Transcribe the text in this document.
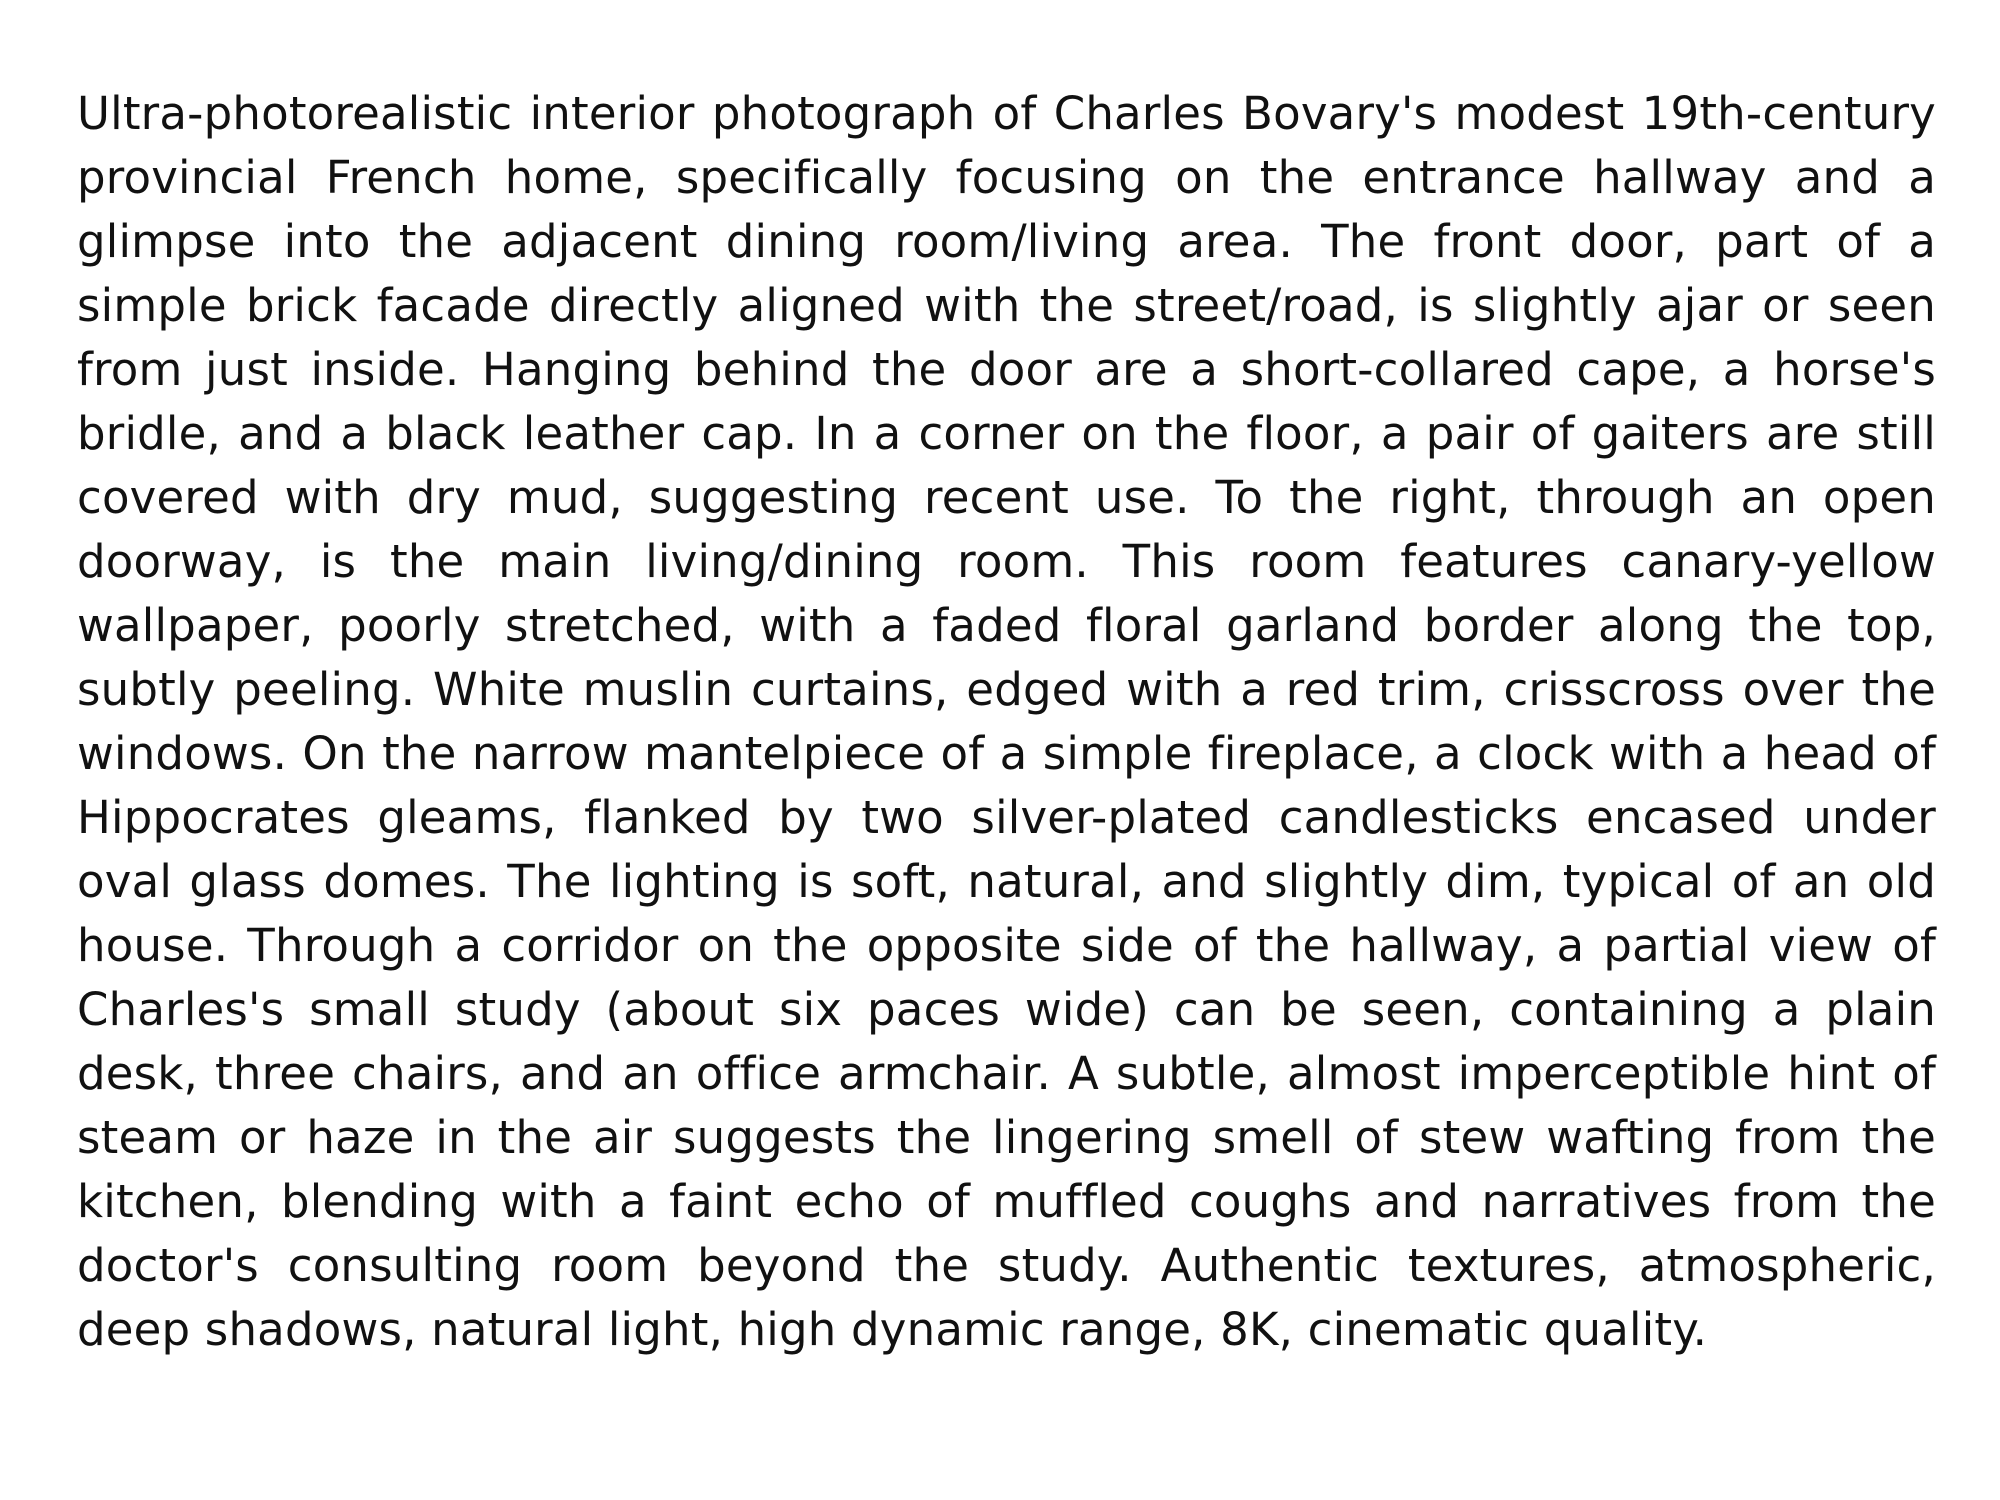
Ultra-photorealistic interior photograph of Charles Bovary's modest 19th-century provincial French home, specifically focusing on the entrance hallway and a glimpse into the adjacent dining room/living area. The front door, part of a simple brick facade directly aligned with the street/road, is slightly ajar or seen from just inside. Hanging behind the door are a short-collared cape, a horse's bridle, and a black leather cap. In a corner on the floor, a pair of gaiters are still covered with dry mud, suggesting recent use. To the right, through an open doorway, is the main living/dining room. This room features canary-yellow wallpaper, poorly stretched, with a faded floral garland border along the top, subtly peeling. White muslin curtains, edged with a red trim, crisscross over the windows. On the narrow mantelpiece of a simple fireplace, a clock with a head of Hippocrates gleams, flanked by two silver-plated candlesticks encased under oval glass domes. The lighting is soft, natural, and slightly dim, typical of an old house. Through a corridor on the opposite side of the hallway, a partial view of Charles's small study (about six paces wide) can be seen, containing a plain desk, three chairs, and an office armchair. A subtle, almost imperceptible hint of steam or haze in the air suggests the lingering smell of stew wafting from the kitchen, blending with a faint echo of muffled coughs and narratives from the doctor's consulting room beyond the study. Authentic textures, atmospheric, deep shadows, natural light, high dynamic range, 8K, cinematic quality.
